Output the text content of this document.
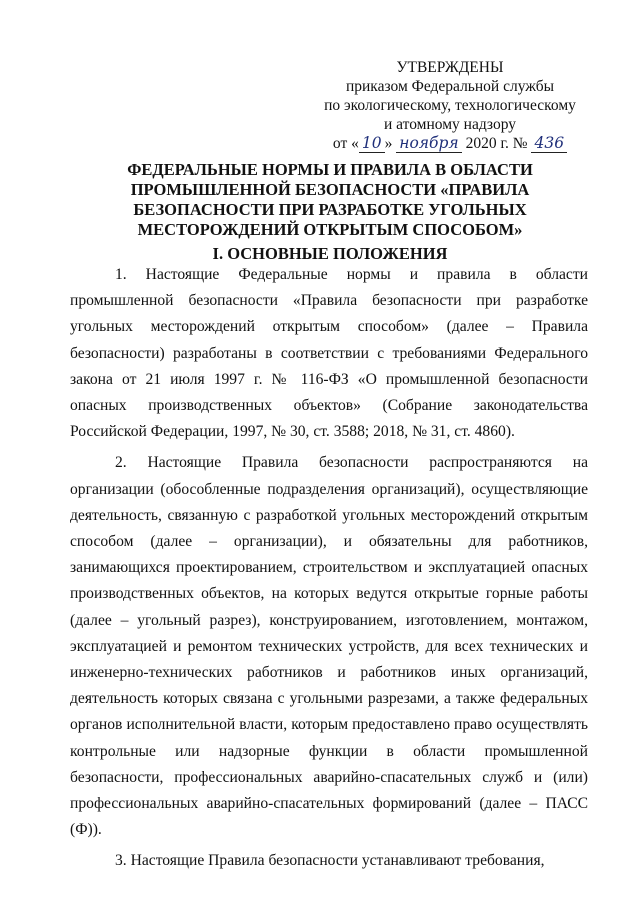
УТВЕРЖДЕНЫ
приказом Федеральной службы
по экологическому, технологическому
и атомному надзору
от « 10 » ноября 2020 г. № 436
ФЕДЕРАЛЬНЫЕ НОРМЫ И ПРАВИЛА В ОБЛАСТИ ПРОМЫШЛЕННОЙ БЕЗОПАСНОСТИ «ПРАВИЛА БЕЗОПАСНОСТИ ПРИ РАЗРАБОТКЕ УГОЛЬНЫХ МЕСТОРОЖДЕНИЙ ОТКРЫТЫМ СПОСОБОМ»
I. ОСНОВНЫЕ ПОЛОЖЕНИЯ

1. Настоящие Федеральные нормы и правила в области промышленной безопасности «Правила безопасности при разработке угольных месторождений открытым способом» (далее – Правила безопасности) разработаны в соответствии с требованиями Федерального закона от 21 июля 1997 г. № 116-ФЗ «О промышленной безопасности опасных производственных объектов» (Собрание законодательства Российской Федерации, 1997, № 30, ст. 3588; 2018, № 31, ст. 4860).

2. Настоящие Правила безопасности распространяются на организации (обособленные подразделения организаций), осуществляющие деятельность, связанную с разработкой угольных месторождений открытым способом (далее – организации), и обязательны для работников, занимающихся проектированием, строительством и эксплуатацией опасных производственных объектов, на которых ведутся открытые горные работы (далее – угольный разрез), конструированием, изготовлением, монтажом, эксплуатацией и ремонтом технических устройств, для всех технических и инженерно-технических работников и работников иных организаций, деятельность которых связана с угольными разрезами, а также федеральных органов исполнительной власти, которым предоставлено право осуществлять контрольные или надзорные функции в области промышленной безопасности, профессиональных аварийно-спасательных служб и (или) профессиональных аварийно-спасательных формирований (далее – ПАСС (Ф)).

3. Настоящие Правила безопасности устанавливают требования,
